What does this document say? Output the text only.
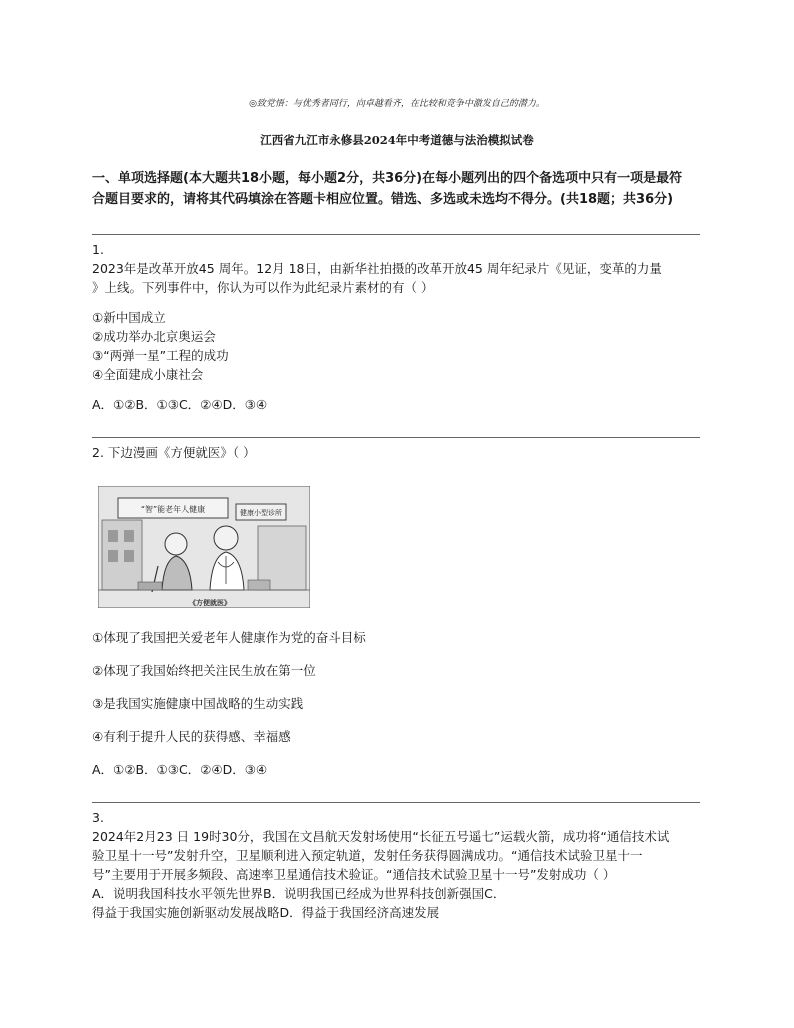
◎致党悟：与优秀者同行，向卓越看齐，在比较和竞争中激发自己的潜力。
江西省九江市永修县2024年中考道德与法治模拟试卷
一、单项选择题(本大题共18小题，每小题2分，共36分)在每小题列出的四个备选项中只有一项是最符
合题目要求的，请将其代码填涂在答题卡相应位置。错选、多选或未选均不得分。(共18题；共36分)
1.
2023年是改革开放45 周年。12月 18日，由新华社拍摄的改革开放45 周年纪录片《见证，变革的力量
》上线。下列事件中，你认为可以作为此纪录片素材的有（ ）
①新中国成立
②成功举办北京奥运会
③“两弹一星”工程的成功
④全面建成小康社会
A．①②B．①③C．②④D．③④
2. 下边漫画《方便就医》（ ）
“智”能老年人健康	健康小型诊所
《方便就医》
①体现了我国把关爱老年人健康作为党的奋斗目标
②体现了我国始终把关注民生放在第一位
③是我国实施健康中国战略的生动实践
④有利于提升人民的获得感、幸福感
A．①②B．①③C．②④D．③④
3.
2024年2月23 日 19时30分，我国在文昌航天发射场使用“长征五号遥七”运载火箭，成功将“通信技术试
验卫星十一号”发射升空，卫星顺利进入预定轨道，发射任务获得圆满成功。“通信技术试验卫星十一
号”主要用于开展多频段、高速率卫星通信技术验证。“通信技术试验卫星十一号”发射成功（ ）
A．说明我国科技水平领先世界B．说明我国已经成为世界科技创新强国C．
得益于我国实施创新驱动发展战略D．得益于我国经济高速发展
